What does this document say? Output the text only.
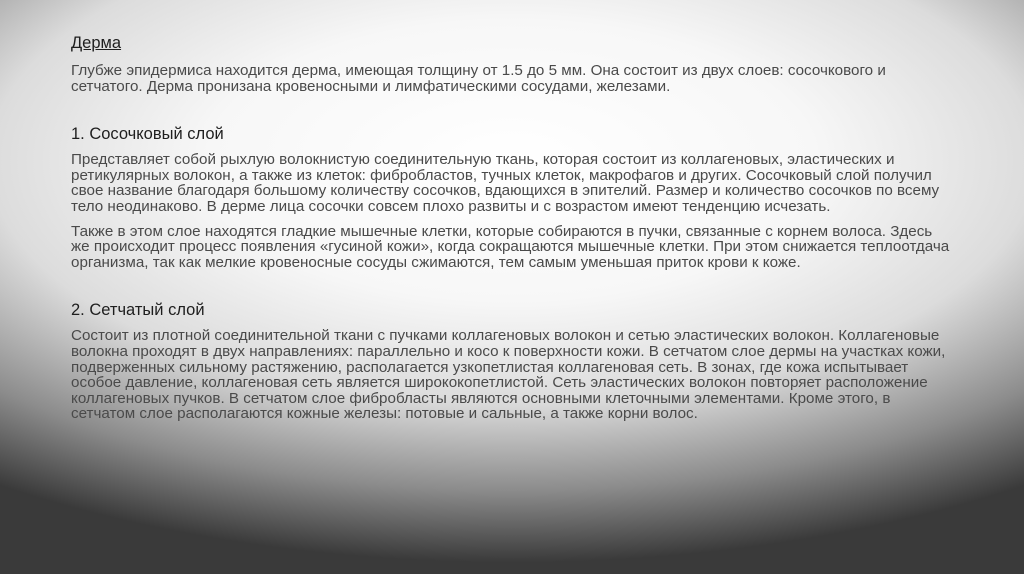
Дерма

Глубже эпидермиса находится дерма, имеющая толщину от 1.5 до 5 мм. Она состоит из двух слоев: сосочкового и сетчатого. Дерма пронизана кровеносными и лимфатическими сосудами, железами.

1. Сосочковый слой

Представляет собой рыхлую волокнистую соединительную ткань, которая состоит из коллагеновых, эластических и ретикулярных волокон, а также из клеток: фибробластов, тучных клеток, макрофагов и других. Сосочковый слой получил свое название благодаря большому количеству сосочков, вдающихся в эпителий. Размер и количество сосочков по всему тело неодинаково. В дерме лица сосочки совсем плохо развиты и с возрастом имеют тенденцию исчезать.

Также в этом слое находятся гладкие мышечные клетки, которые собираются в пучки, связанные с корнем волоса. Здесь же происходит процесс появления «гусиной кожи», когда сокращаются мышечные клетки. При этом снижается теплоотдача организма, так как мелкие кровеносные сосуды сжимаются, тем самым уменьшая приток крови к коже.

2. Сетчатый слой

Состоит из плотной соединительной ткани с пучками коллагеновых волокон и сетью эластических волокон. Коллагеновые волокна проходят в двух направлениях: параллельно и косо к поверхности кожи. В сетчатом слое дермы на участках кожи, подверженных сильному растяжению, располагается узкопетлистая коллагеновая сеть. В зонах, где кожа испытывает особое давление, коллагеновая сеть является ширококопетлистой. Сеть эластических волокон повторяет расположение коллагеновых пучков. В сетчатом слое фибробласты являются основными клеточными элементами. Кроме этого, в сетчатом слое располагаются кожные железы: потовые и сальные, а также корни волос.
